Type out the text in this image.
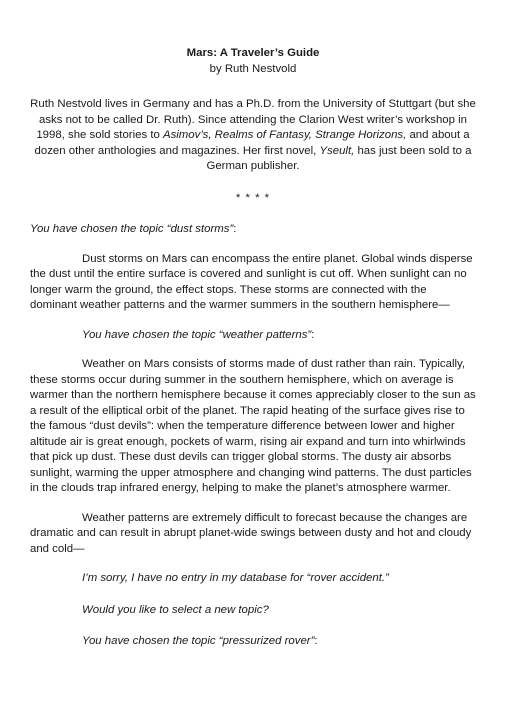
Mars: A Traveler’s Guide

by Ruth Nestvold

Ruth Nestvold lives in Germany and has a Ph.D. from the University of Stuttgart (but she asks not to be called Dr. Ruth). Since attending the Clarion West writer’s workshop in 1998, she sold stories to Asimov’s, Realms of Fantasy, Strange Horizons, and about a dozen other anthologies and magazines. Her first novel, Yseult, has just been sold to a German publisher.

* * * *

You have chosen the topic “dust storms”:

Dust storms on Mars can encompass the entire planet. Global winds disperse the dust until the entire surface is covered and sunlight is cut off. When sunlight can no longer warm the ground, the effect stops. These storms are connected with the dominant weather patterns and the warmer summers in the southern hemisphere—

You have chosen the topic “weather patterns”:

Weather on Mars consists of storms made of dust rather than rain. Typically, these storms occur during summer in the southern hemisphere, which on average is warmer than the northern hemisphere because it comes appreciably closer to the sun as a result of the elliptical orbit of the planet. The rapid heating of the surface gives rise to the famous “dust devils”: when the temperature difference between lower and higher altitude air is great enough, pockets of warm, rising air expand and turn into whirlwinds that pick up dust. These dust devils can trigger global storms. The dusty air absorbs sunlight, warming the upper atmosphere and changing wind patterns. The dust particles in the clouds trap infrared energy, helping to make the planet’s atmosphere warmer.

Weather patterns are extremely difficult to forecast because the changes are dramatic and can result in abrupt planet-wide swings between dusty and hot and cloudy and cold—

I’m sorry, I have no entry in my database for “rover accident.”

Would you like to select a new topic?

You have chosen the topic “pressurized rover”:
